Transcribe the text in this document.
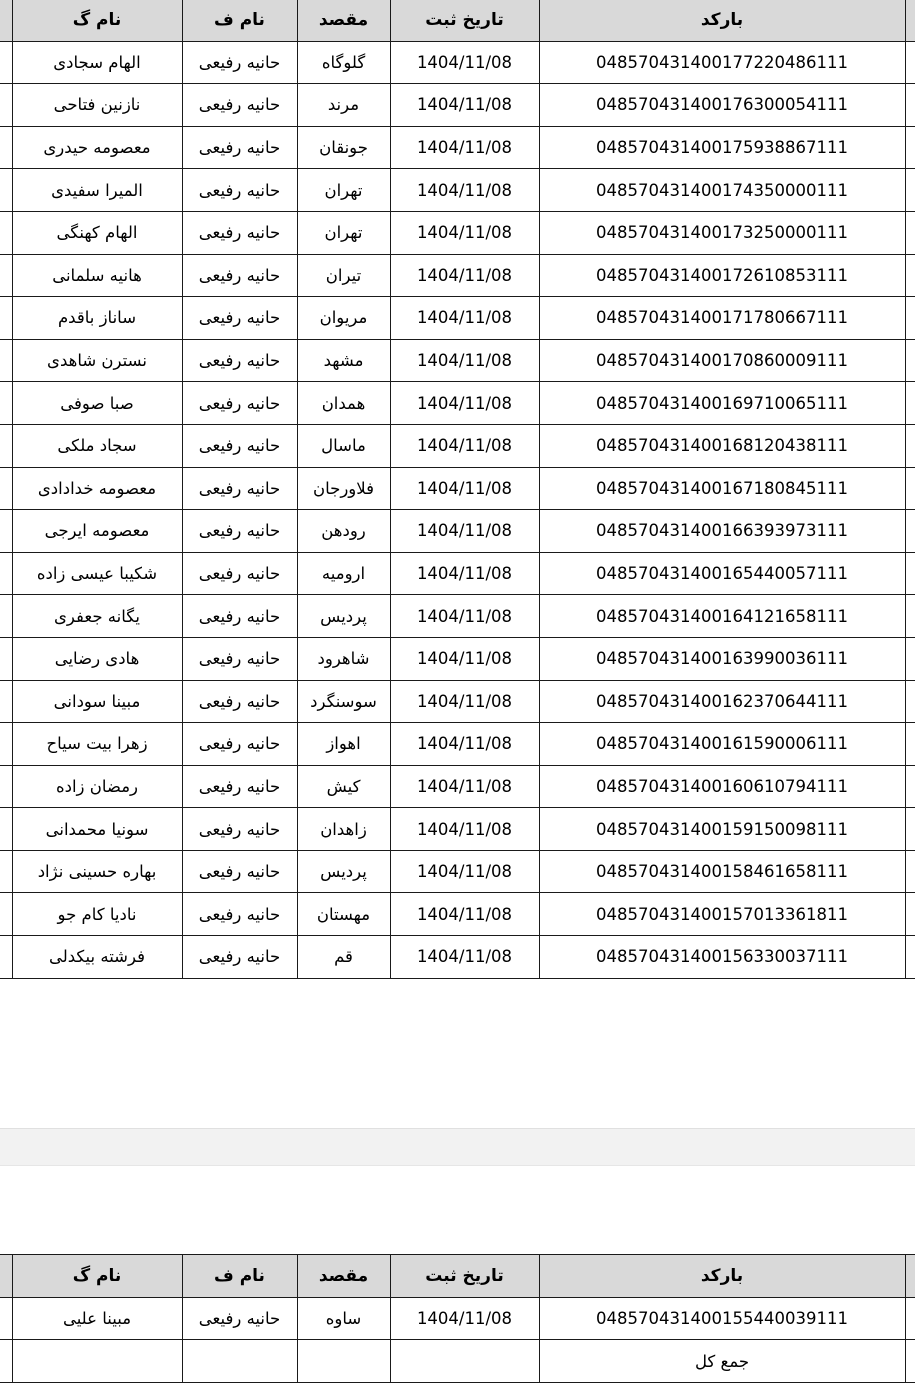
	نام گ	نام ف	مقصد	تاریخ ثبت	بارکد	
	الهام سجادی	حانیه رفیعی	گلوگاه	1404/11/08	048570431400177220486111	
	نازنین فتاحی	حانیه رفیعی	مرند	1404/11/08	048570431400176300054111	
	معصومه حیدری	حانیه رفیعی	جونقان	1404/11/08	048570431400175938867111	
	المیرا سفیدی	حانیه رفیعی	تهران	1404/11/08	048570431400174350000111	
	الهام کهنگی	حانیه رفیعی	تهران	1404/11/08	048570431400173250000111	
	هانیه سلمانی	حانیه رفیعی	تیران	1404/11/08	048570431400172610853111	
	ساناز باقدم	حانیه رفیعی	مریوان	1404/11/08	048570431400171780667111	
	نسترن شاهدی	حانیه رفیعی	مشهد	1404/11/08	048570431400170860009111	
	صبا صوفی	حانیه رفیعی	همدان	1404/11/08	048570431400169710065111	
	سجاد ملکی	حانیه رفیعی	ماسال	1404/11/08	048570431400168120438111	
	معصومه خدادادی	حانیه رفیعی	فلاورجان	1404/11/08	048570431400167180845111	
	معصومه ایرجی	حانیه رفیعی	رودهن	1404/11/08	048570431400166393973111	
	شکیبا عیسی زاده	حانیه رفیعی	ارومیه	1404/11/08	048570431400165440057111	
	یگانه جعفری	حانیه رفیعی	پردیس	1404/11/08	048570431400164121658111	
	هادی رضایی	حانیه رفیعی	شاهرود	1404/11/08	048570431400163990036111	
	مبینا سودانی	حانیه رفیعی	سوسنگرد	1404/11/08	048570431400162370644111	
	زهرا بیت سیاح	حانیه رفیعی	اهواز	1404/11/08	048570431400161590006111	
	رمضان زاده	حانیه رفیعی	کیش	1404/11/08	048570431400160610794111	
	سونیا محمدانی	حانیه رفیعی	زاهدان	1404/11/08	048570431400159150098111	
	بهاره حسینی نژاد	حانیه رفیعی	پردیس	1404/11/08	048570431400158461658111	
	نادیا کام جو	حانیه رفیعی	مهستان	1404/11/08	048570431400157013361811	
	فرشته بیکدلی	حانیه رفیعی	قم	1404/11/08	048570431400156330037111	
	نام گ	نام ف	مقصد	تاریخ ثبت	بارکد	
	مبینا علیی	حانیه رفیعی	ساوه	1404/11/08	048570431400155440039111	
					جمع کل	
